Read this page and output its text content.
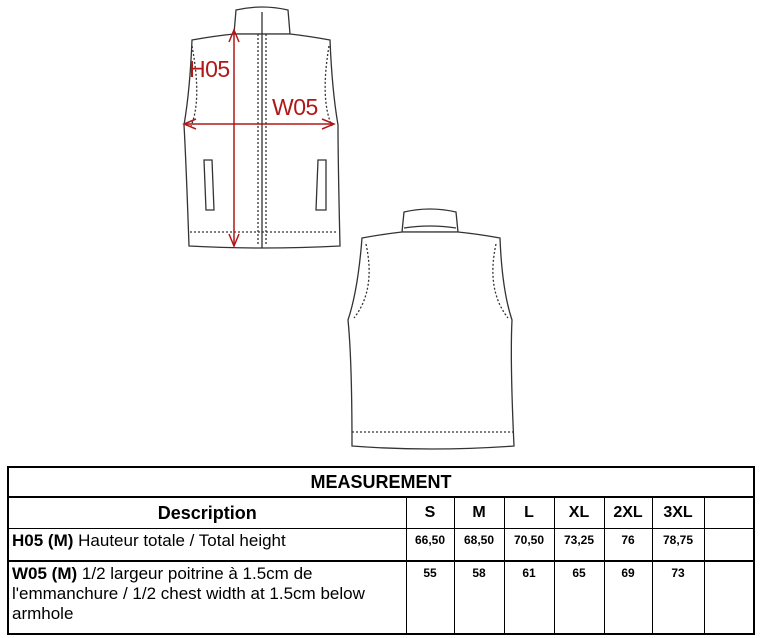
H05
W05
MEASUREMENT							
Description	S	M	L	XL	2XL	3XL	
H05 (M) Hauteur totale / Total height	66,50	68,50	70,50	73,25	76	78,75	
W05 (M) 1/2 largeur poitrine à 1.5cm de l'emmanchure / 1/2 chest width at 1.5cm below armhole	55	58	61	65	69	73	
